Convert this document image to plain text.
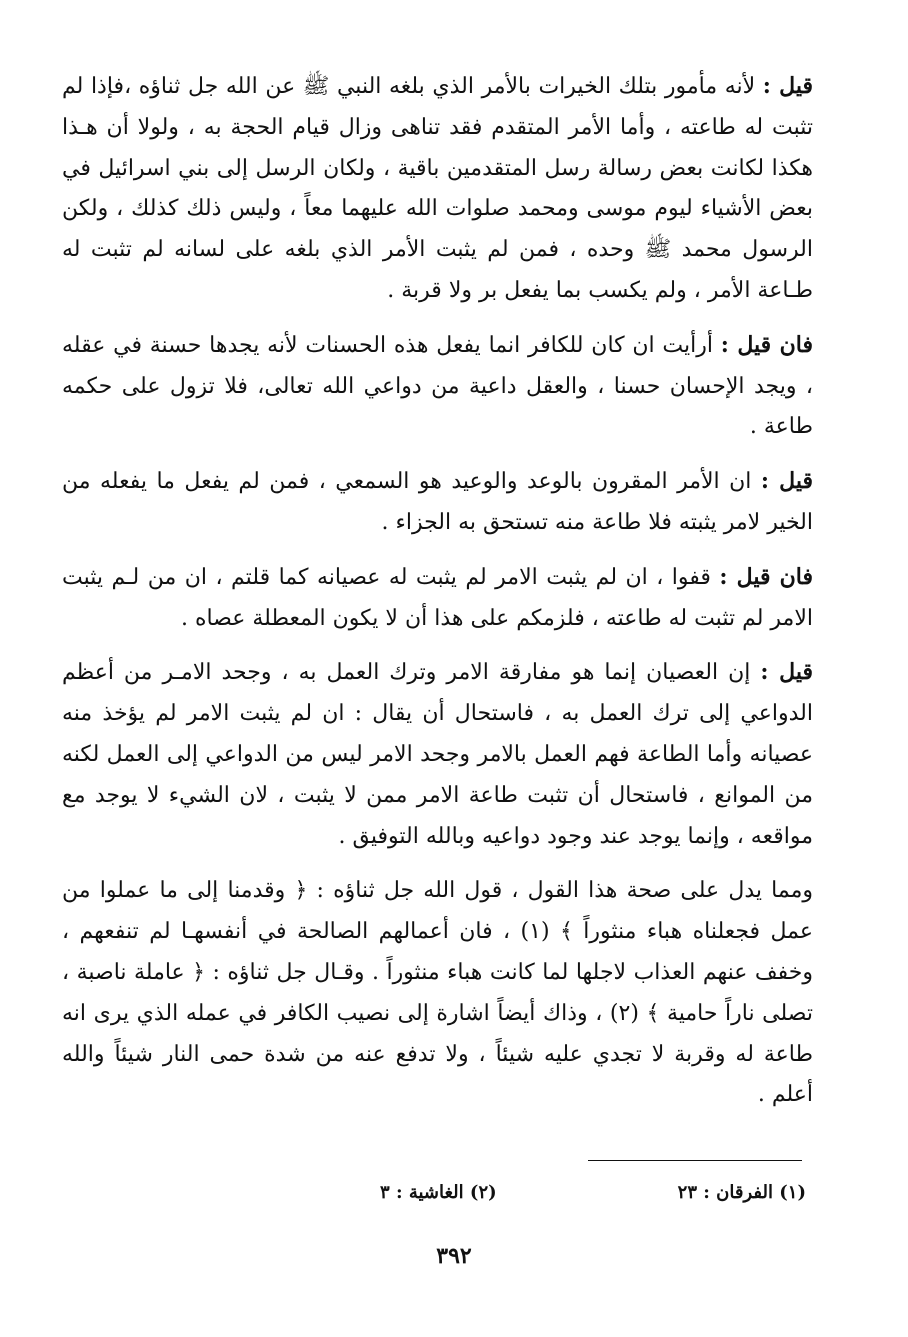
قيل : لأنه مأمور بتلك الخيرات بالأمر الذي بلغه النبي ﷺ عن الله جل ثناؤه ،فإذا لم تثبت له طاعته ، وأما الأمر المتقدم فقد تناهى وزال قيام الحجة به ، ولولا أن هـذا هكذا لكانت بعض رسالة رسل المتقدمين باقية ، ولكان الرسل إلى بني اسرائيل في بعض الأشياء ليوم موسى ومحمد صلوات الله عليهما معاً ، وليس ذلك كذلك ، ولكن الرسول محمد ﷺ وحده ، فمن لم يثبت الأمر الذي بلغه على لسانه لم تثبت له طـاعة الأمر ، ولم يكسب بما يفعل بر ولا قربة .

فان قيل : أرأيت ان كان للكافر انما يفعل هذه الحسنات لأنه يجدها حسنة في عقله ، ويجد الإحسان حسنا ، والعقل داعية من دواعي الله تعالى، فلا تزول على حكمه طاعة .

قيل : ان الأمر المقرون بالوعد والوعيد هو السمعي ، فمن لم يفعل ما يفعله من الخير لامر يثبته فلا طاعة منه تستحق به الجزاء .

فان قيل : قفوا ، ان لم يثبت الامر لم يثبت له عصيانه كما قلتم ، ان من لـم يثبت الامر لم تثبت له طاعته ، فلزمكم على هذا أن لا يكون المعطلة عصاه .

قيل : إن العصيان إنما هو مفارقة الامر وترك العمل به ، وجحد الامـر من أعظم الدواعي إلى ترك العمل به ، فاستحال أن يقال : ان لم يثبت الامر لم يؤخذ منه عصيانه وأما الطاعة فهم العمل بالامر وجحد الامر ليس من الدواعي إلى العمل لكنه من الموانع ، فاستحال أن تثبت طاعة الامر ممن لا يثبت ، لان الشيء لا يوجد مع مواقعه ، وإنما يوجد عند وجود دواعيه وبالله التوفيق .

ومما يدل على صحة هذا القول ، قول الله جل ثناؤه : ﴿ وقدمنا إلى ما عملوا من عمل فجعلناه هباء منثوراً ﴾ (١) ، فان أعمالهم الصالحة في أنفسهـا لم تنفعهم ، وخفف عنهم العذاب لاجلها لما كانت هباء منثوراً . وقـال جل ثناؤه : ﴿ عاملة ناصبة ، تصلى ناراً حامية ﴾ (٢) ، وذاك أيضاً اشارة إلى نصيب الكافر في عمله الذي يرى انه طاعة له وقربة لا تجدي عليه شيئاً ، ولا تدفع عنه من شدة حمى النار شيئاً والله أعلم .

(١) الفرقان : ٢٣
(٢) الغاشية : ٣
٣٩٢
